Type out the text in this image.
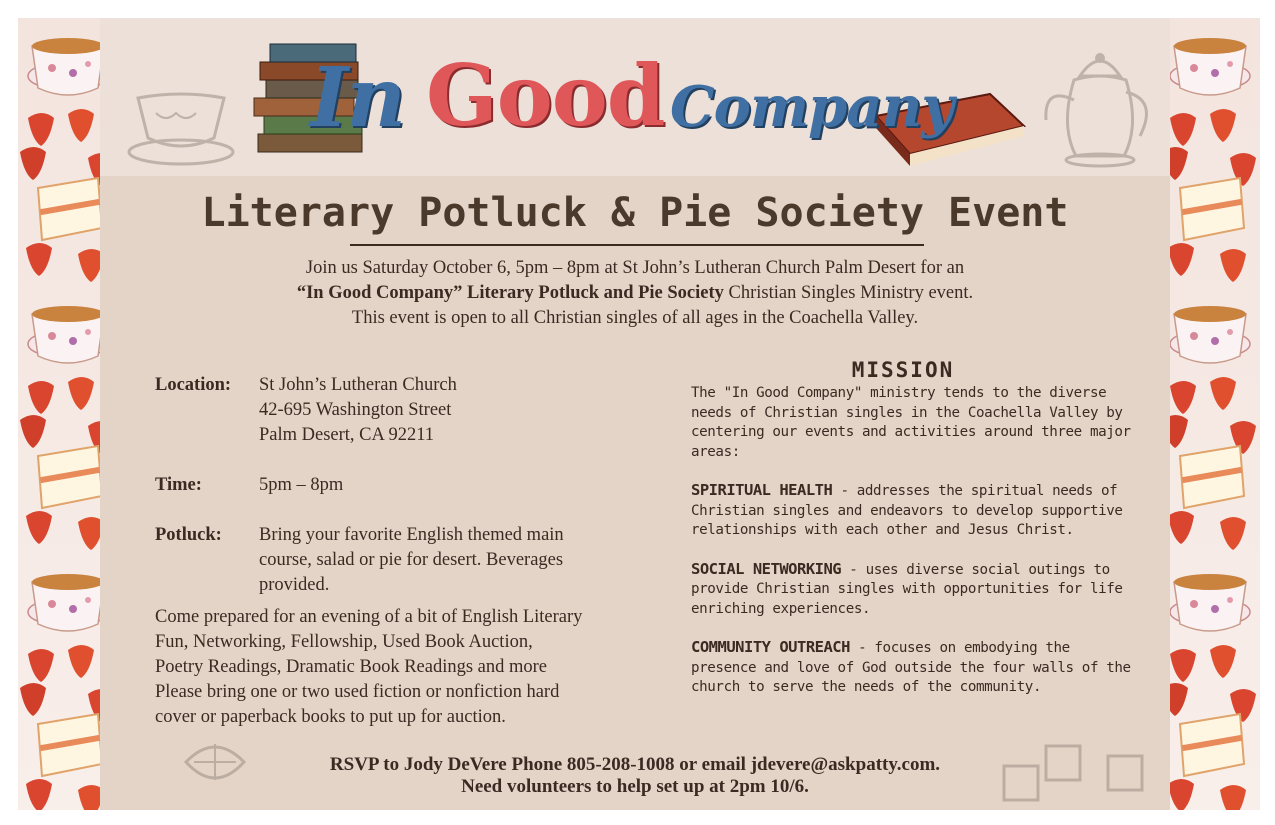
In Good Company
Literary Potluck & Pie Society Event
Join us Saturday October 6, 5pm – 8pm at St John’s Lutheran Church Palm Desert for an
“In Good Company” Literary Potluck and Pie Society Christian Singles Ministry event.
This event is open to all Christian singles of all ages in the Coachella Valley.
Location: St John’s Lutheran Church
42-695 Washington Street
Palm Desert, CA 92211
Time:	5pm – 8pm
Potluck: Bring your favorite English themed main
course, salad or pie for desert. Beverages
provided.
Come prepared for an evening of a bit of English Literary
Fun, Networking, Fellowship, Used Book Auction,
Poetry Readings, Dramatic Book Readings and more
Please bring one or two used fiction or nonfiction hard
cover or paperback books to put up for auction.
MISSION

The "In Good Company" ministry tends to the diverse needs of Christian singles in the Coachella Valley by centering our events and activities around three major areas:

SPIRITUAL HEALTH - addresses the spiritual needs of Christian singles and endeavors to develop supportive relationships with each other and Jesus Christ.

SOCIAL NETWORKING - uses diverse social outings to provide Christian singles with opportunities for life enriching experiences.

COMMUNITY OUTREACH - focuses on embodying the presence and love of God outside the four walls of the church to serve the needs of the community.

RSVP to Jody DeVere Phone 805-208-1008 or email jdevere@askpatty.com.
Need volunteers to help set up at 2pm 10/6.
